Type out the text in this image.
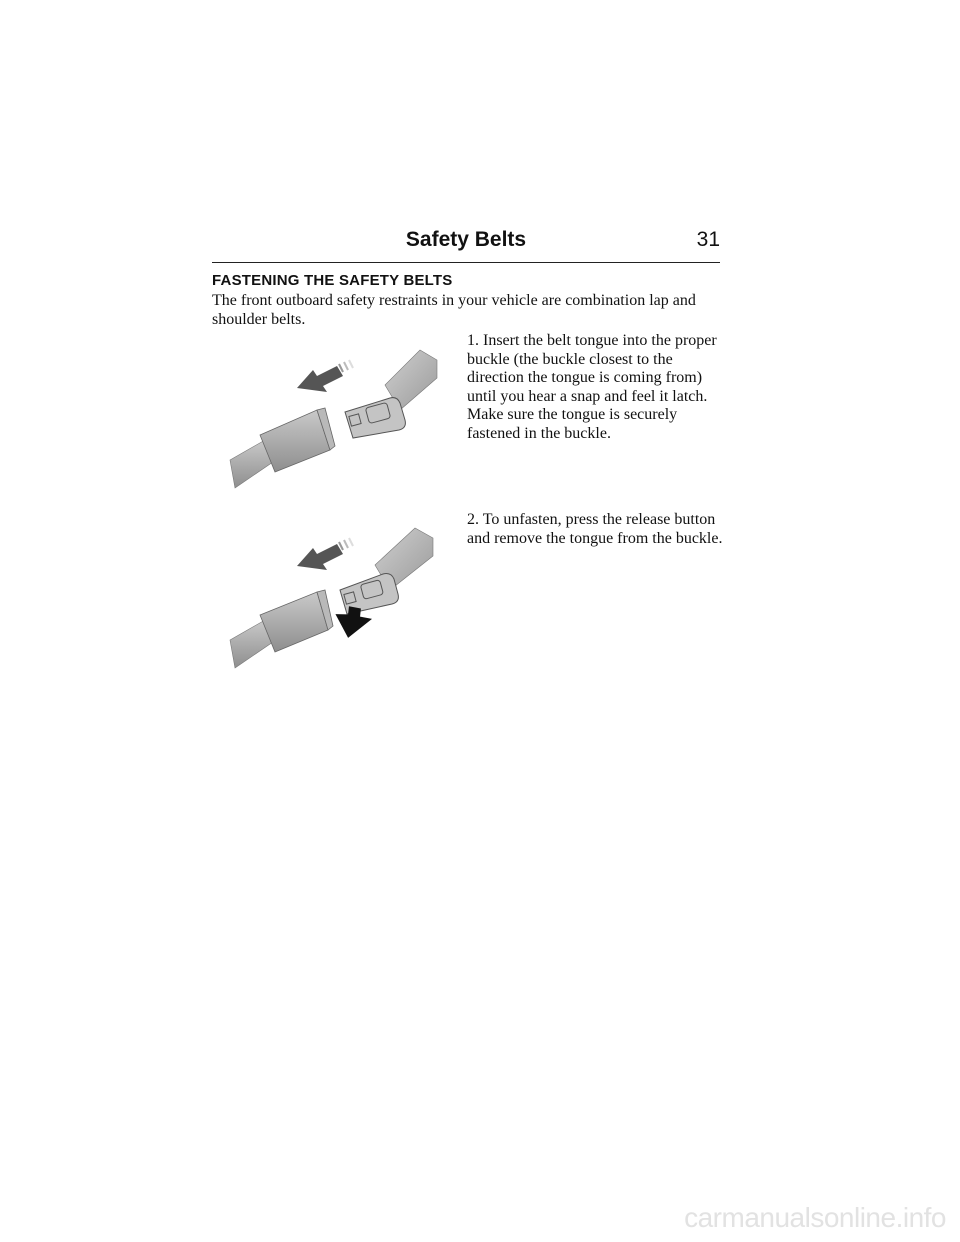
Safety Belts	31
FASTENING THE SAFETY BELTS
The front outboard safety restraints in your vehicle are combination lap and shoulder belts.
1. Insert the belt tongue into the proper buckle (the buckle closest to the direction the tongue is coming from) until you hear a snap and feel it latch. Make sure the tongue is securely fastened in the buckle.
2. To unfasten, press the release button and remove the tongue from the buckle.
carmanualsonline.info
